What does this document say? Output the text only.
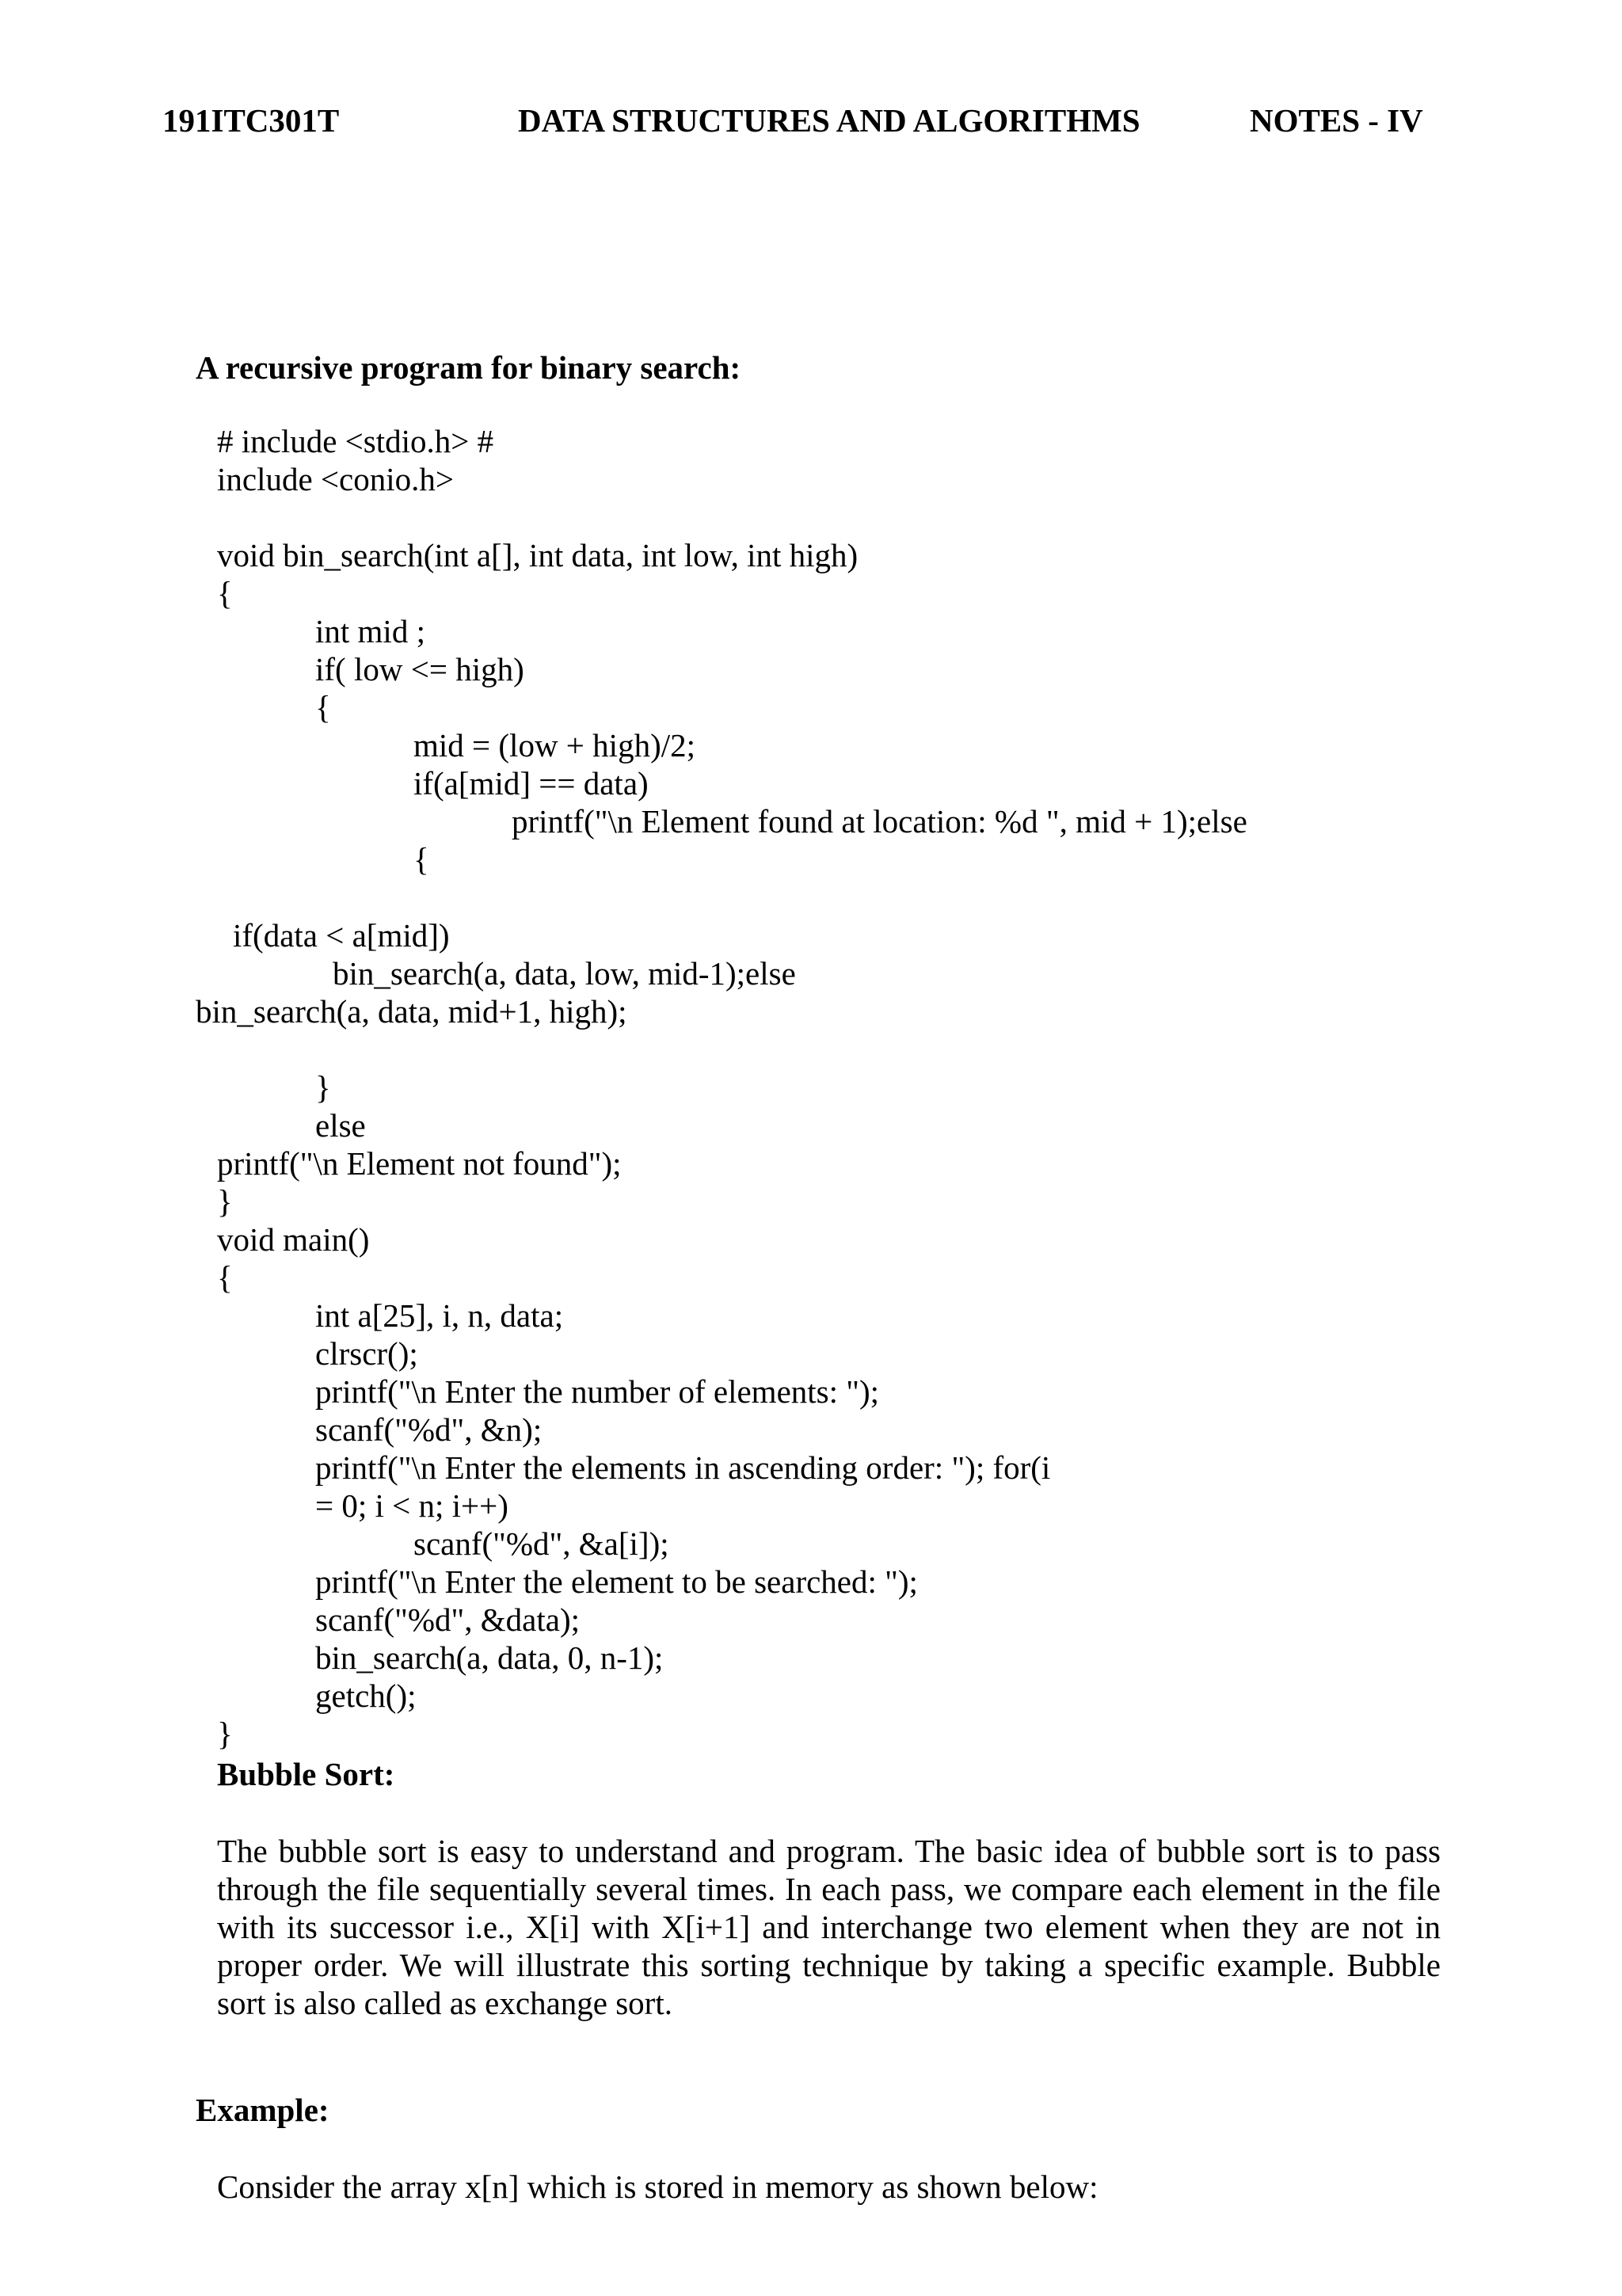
191ITC301T	DATA STRUCTURES AND ALGORITHMS	NOTES - IV
A recursive program for binary search:
# include <stdio.h> #
include <conio.h>
void bin_search(int a[], int data, int low, int high)
{
int mid ;
if( low <= high)
{
mid = (low + high)/2;
if(a[mid] == data)
printf("\n Element found at location: %d ", mid + 1);else
{
if(data < a[mid])
bin_search(a, data, low, mid-1);else
bin_search(a, data, mid+1, high);
}
else
printf("\n Element not found");
}
void main()
{
int a[25], i, n, data;
clrscr();
printf("\n Enter the number of elements: ");
scanf("%d", &n);
printf("\n Enter the elements in ascending order: "); for(i
= 0; i < n; i++)
scanf("%d", &a[i]);
printf("\n Enter the element to be searched: ");
scanf("%d", &data);
bin_search(a, data, 0, n-1);
getch();
}
Bubble Sort:

The bubble sort is easy to understand and program. The basic idea of bubble sort is to pass through the file sequentially several times. In each pass, we compare each element in the file with its successor i.e., X[i] with X[i+1] and interchange two element when they are not in proper order. We will illustrate this sorting technique by taking a specific example. Bubble sort is also called as exchange sort.

Example:

Consider the array x[n] which is stored in memory as shown below:
